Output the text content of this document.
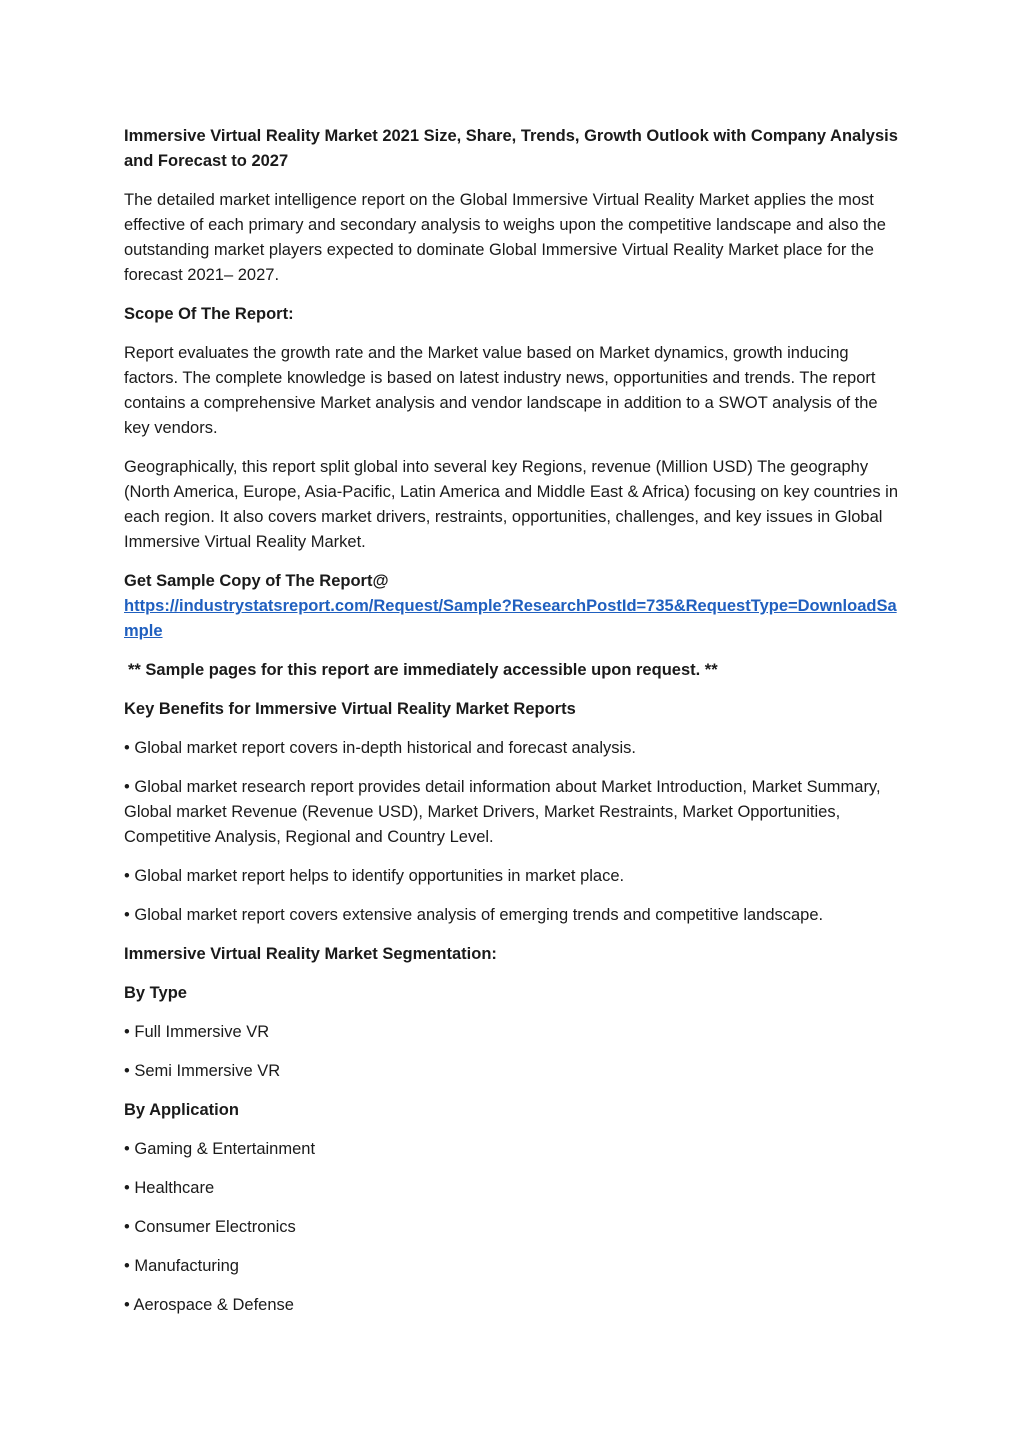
Immersive Virtual Reality Market 2021 Size, Share, Trends, Growth Outlook with Company Analysis and Forecast to 2027

The detailed market intelligence report on the Global Immersive Virtual Reality Market applies the most effective of each primary and secondary analysis to weighs upon the competitive landscape and also the outstanding market players expected to dominate Global Immersive Virtual Reality Market place for the forecast 2021– 2027.

Scope Of The Report:

Report evaluates the growth rate and the Market value based on Market dynamics, growth inducing factors. The complete knowledge is based on latest industry news, opportunities and trends. The report contains a comprehensive Market analysis and vendor landscape in addition to a SWOT analysis of the key vendors.

Geographically, this report split global into several key Regions, revenue (Million USD) The geography (North America, Europe, Asia-Pacific, Latin America and Middle East & Africa) focusing on key countries in each region. It also covers market drivers, restraints, opportunities, challenges, and key issues in Global Immersive Virtual Reality Market.

Get Sample Copy of The Report@
https://industrystatsreport.com/Request/Sample?ResearchPostId=735&RequestType=DownloadSample

** Sample pages for this report are immediately accessible upon request. **

Key Benefits for Immersive Virtual Reality Market Reports

• Global market report covers in-depth historical and forecast analysis.

• Global market research report provides detail information about Market Introduction, Market Summary, Global market Revenue (Revenue USD), Market Drivers, Market Restraints, Market Opportunities, Competitive Analysis, Regional and Country Level.

• Global market report helps to identify opportunities in market place.

• Global market report covers extensive analysis of emerging trends and competitive landscape.

Immersive Virtual Reality Market Segmentation:

By Type

• Full Immersive VR

• Semi Immersive VR

By Application

• Gaming & Entertainment

• Healthcare

• Consumer Electronics

• Manufacturing

• Aerospace & Defense
